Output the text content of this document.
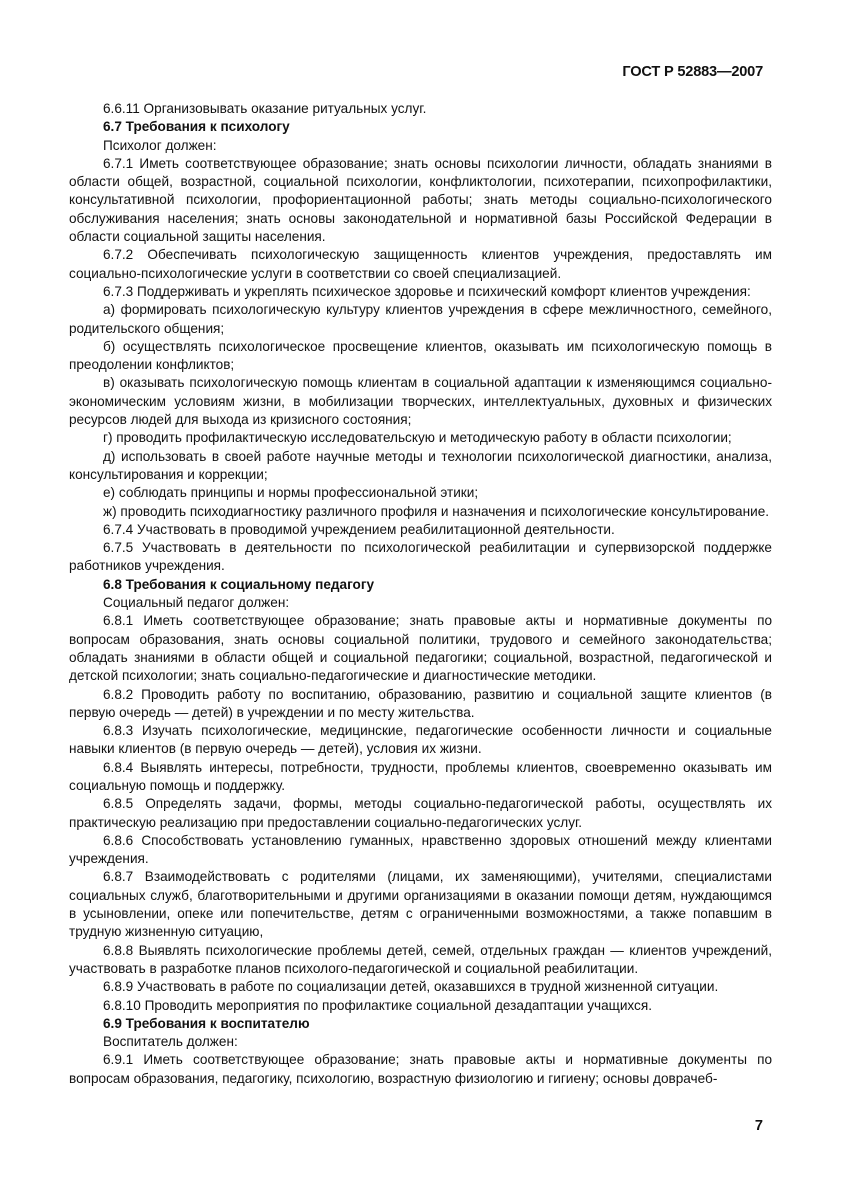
ГОСТ Р 52883—2007

6.6.11 Организовывать оказание ритуальных услуг.

6.7 Требования к психологу

Психолог должен:

6.7.1 Иметь соответствующее образование; знать основы психологии личности, обладать знаниями в области общей, возрастной, социальной психологии, конфликтологии, психотерапии, психопрофилактики, консультативной психологии, профориентационной работы; знать методы социально-психологического обслуживания населения; знать основы законодательной и нормативной базы Российской Федерации в области социальной защиты населения.

6.7.2 Обеспечивать психологическую защищенность клиентов учреждения, предоставлять им социально-психологические услуги в соответствии со своей специализацией.

6.7.3 Поддерживать и укреплять психическое здоровье и психический комфорт клиентов учреждения:

а) формировать психологическую культуру клиентов учреждения в сфере межличностного, семейного, родительского общения;

б) осуществлять психологическое просвещение клиентов, оказывать им психологическую помощь в преодолении конфликтов;

в) оказывать психологическую помощь клиентам в социальной адаптации к изменяющимся социально-экономическим условиям жизни, в мобилизации творческих, интеллектуальных, духовных и физических ресурсов людей для выхода из кризисного состояния;

г) проводить профилактическую исследовательскую и методическую работу в области психологии;

д) использовать в своей работе научные методы и технологии психологической диагностики, анализа, консультирования и коррекции;

е) соблюдать принципы и нормы профессиональной этики;

ж) проводить психодиагностику различного профиля и назначения и психологические консультирование.

6.7.4 Участвовать в проводимой учреждением реабилитационной деятельности.

6.7.5 Участвовать в деятельности по психологической реабилитации и супервизорской поддержке работников учреждения.

6.8 Требования к социальному педагогу

Социальный педагог должен:

6.8.1 Иметь соответствующее образование; знать правовые акты и нормативные документы по вопросам образования, знать основы социальной политики, трудового и семейного законодательства; обладать знаниями в области общей и социальной педагогики; социальной, возрастной, педагогической и детской психологии; знать социально-педагогические и диагностические методики.

6.8.2 Проводить работу по воспитанию, образованию, развитию и социальной защите клиентов (в первую очередь — детей) в учреждении и по месту жительства.

6.8.3 Изучать психологические, медицинские, педагогические особенности личности и социальные навыки клиентов (в первую очередь — детей), условия их жизни.

6.8.4 Выявлять интересы, потребности, трудности, проблемы клиентов, своевременно оказывать им социальную помощь и поддержку.

6.8.5 Определять задачи, формы, методы социально-педагогической работы, осуществлять их практическую реализацию при предоставлении социально-педагогических услуг.

6.8.6 Способствовать установлению гуманных, нравственно здоровых отношений между клиентами учреждения.

6.8.7 Взаимодействовать с родителями (лицами, их заменяющими), учителями, специалистами социальных служб, благотворительными и другими организациями в оказании помощи детям, нуждающимся в усыновлении, опеке или попечительстве, детям с ограниченными возможностями, а также попавшим в трудную жизненную ситуацию,

6.8.8 Выявлять психологические проблемы детей, семей, отдельных граждан — клиентов учреждений, участвовать в разработке планов психолого-педагогической и социальной реабилитации.

6.8.9 Участвовать в работе по социализации детей, оказавшихся в трудной жизненной ситуации.

6.8.10 Проводить мероприятия по профилактике социальной дезадаптации учащихся.

6.9 Требования к воспитателю

Воспитатель должен:

6.9.1 Иметь соответствующее образование; знать правовые акты и нормативные документы по вопросам образования, педагогику, психологию, возрастную физиологию и гигиену; основы доврачеб-

7
